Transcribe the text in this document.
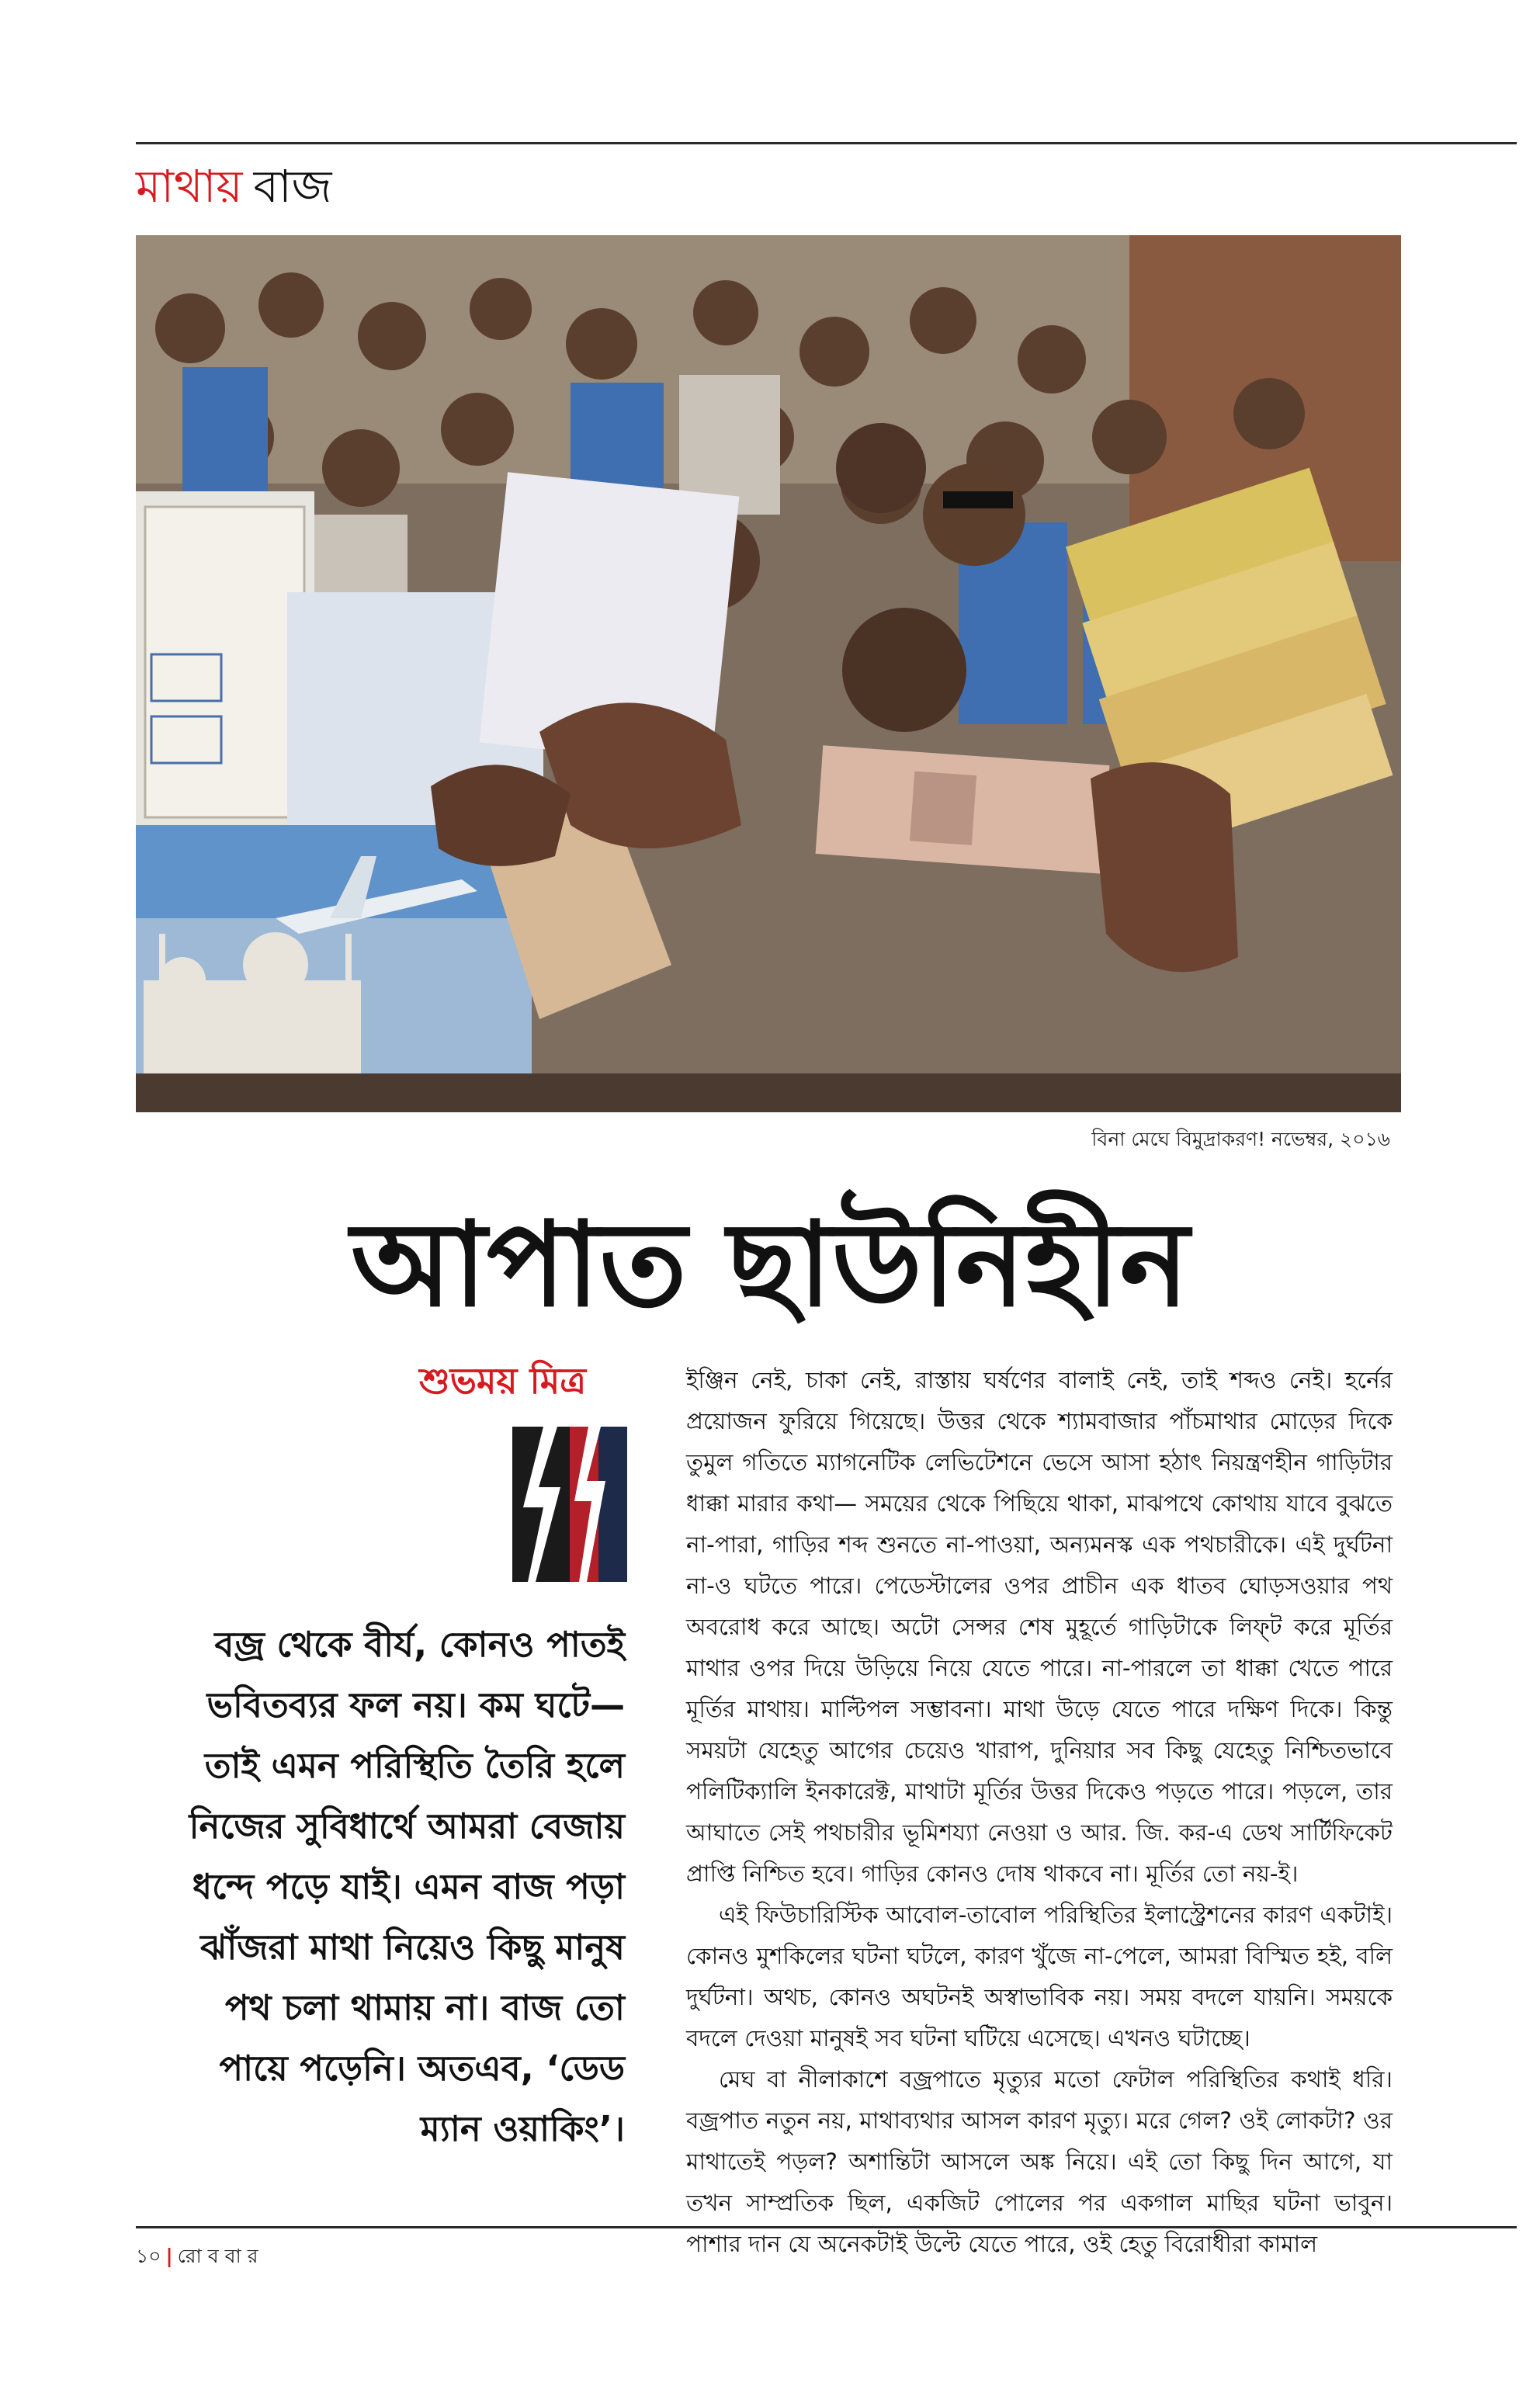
মাথায় বাজ
বিনা মেঘে বিমুদ্রাকরণ! নভেম্বর, ২০১৬
আপাত ছাউনিহীন
শুভময় মিত্র
বজ্র থেকে বীর্য, কোনও পাতই ভবিতব্যর ফল নয়। কম ঘটে— তাই এমন পরিস্থিতি তৈরি হলে নিজের সুবিধার্থে আমরা বেজায় ধন্দে পড়ে যাই। এমন বাজ পড়া ঝাঁজরা মাথা নিয়েও কিছু মানুষ পথ চলা থামায় না। বাজ তো পায়ে পড়েনি। অতএব, ‘ডেড ম্যান ওয়াকিং’।

ইঞ্জিন নেই, চাকা নেই, রাস্তায় ঘর্ষণের বালাই নেই, তাই শব্দও নেই। হর্নের প্রয়োজন ফুরিয়ে গিয়েছে। উত্তর থেকে শ্যামবাজার পাঁচমাথার মোড়ের দিকে তুমুল গতিতে ম্যাগনেটিক লেভিটেশনে ভেসে আসা হঠাৎ নিয়ন্ত্রণহীন গাড়িটার ধাক্কা মারার কথা— সময়ের থেকে পিছিয়ে থাকা, মাঝপথে কোথায় যাবে বুঝতে না-পারা, গাড়ির শব্দ শুনতে না-পাওয়া, অন্যমনস্ক এক পথচারীকে। এই দুর্ঘটনা না-ও ঘটতে পারে। পেডেস্টালের ওপর প্রাচীন এক ধাতব ঘোড়সওয়ার পথ অবরোধ করে আছে। অটো সেন্সর শেষ মুহূর্তে গাড়িটাকে লিফ্‌ট করে মূর্তির মাথার ওপর দিয়ে উড়িয়ে নিয়ে যেতে পারে। না-পারলে তা ধাক্কা খেতে পারে মূর্তির মাথায়। মাল্টিপল সম্ভাবনা। মাথা উড়ে যেতে পারে দক্ষিণ দিকে। কিন্তু সময়টা যেহেতু আগের চেয়েও খারাপ, দুনিয়ার সব কিছু যেহেতু নিশ্চিতভাবে পলিটিক্যালি ইনকারেক্ট, মাথাটা মূর্তির উত্তর দিকেও পড়তে পারে। পড়লে, তার আঘাতে সেই পথচারীর ভূমিশয্যা নেওয়া ও আর. জি. কর-এ ডেথ সার্টিফিকেট প্রাপ্তি নিশ্চিত হবে। গাড়ির কোনও দোষ থাকবে না। মূর্তির তো নয়-ই।

এই ফিউচারিস্টিক আবোল-তাবোল পরিস্থিতির ইলাস্ট্রেশনের কারণ একটাই। কোনও মুশকিলের ঘটনা ঘটলে, কারণ খুঁজে না-পেলে, আমরা বিস্মিত হই, বলি দুর্ঘটনা। অথচ, কোনও অঘটনই অস্বাভাবিক নয়। সময় বদলে যায়নি। সময়কে বদলে দেওয়া মানুষই সব ঘটনা ঘটিয়ে এসেছে। এখনও ঘটাচ্ছে।

মেঘ বা নীলাকাশে বজ্রপাতে মৃত্যুর মতো ফেটাল পরিস্থিতির কথাই ধরি। বজ্রপাত নতুন নয়, মাথাব্যথার আসল কারণ মৃত্যু। মরে গেল? ওই লোকটা? ওর মাথাতেই পড়ল? অশান্তিটা আসলে অঙ্ক নিয়ে। এই তো কিছু দিন আগে, যা তখন সাম্প্রতিক ছিল, একজিট পোলের পর একগাল মাছির ঘটনা ভাবুন। পাশার দান যে অনেকটাই উল্টে যেতে পারে, ওই হেতু বিরোধীরা কামাল

১০ | রো ব বা র
